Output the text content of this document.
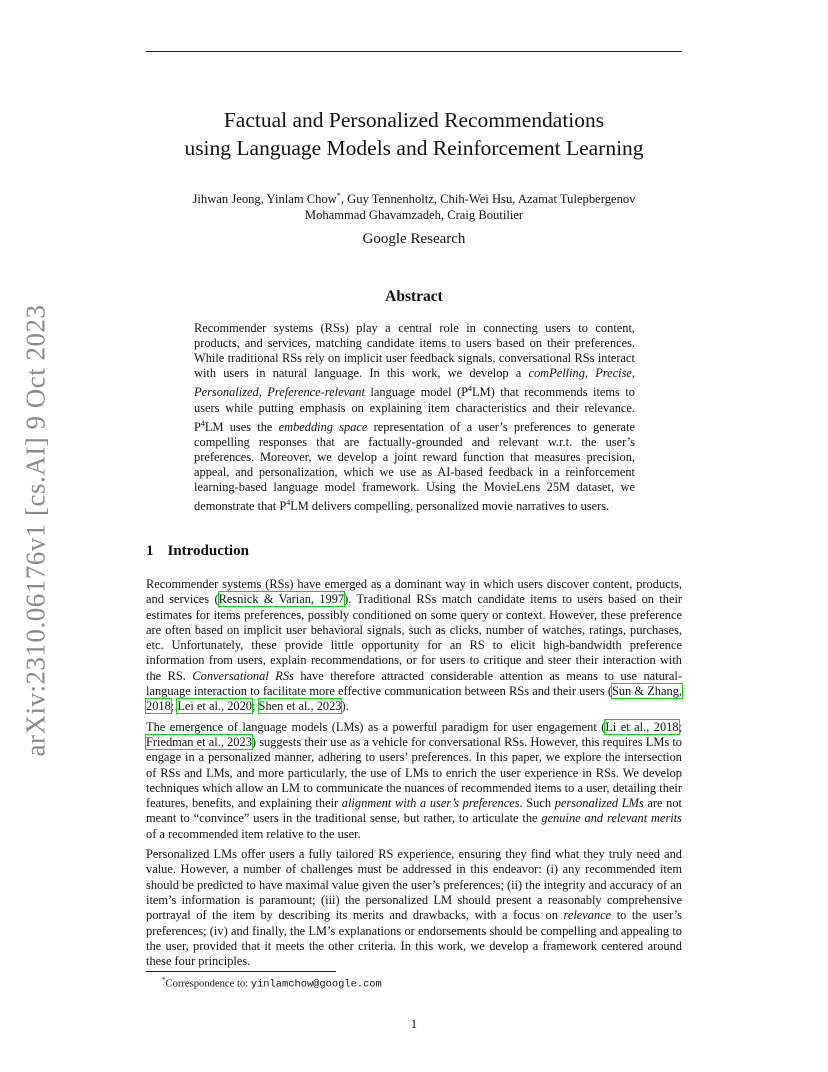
arXiv:2310.06176v1 [cs.AI] 9 Oct 2023
Factual and Personalized Recommendations
using Language Models and Reinforcement Learning
Jihwan Jeong, Yinlam Chow*, Guy Tennenholtz, Chih-Wei Hsu, Azamat Tulepbergenov
Mohammad Ghavamzadeh, Craig Boutilier
Google Research
Abstract

Recommender systems (RSs) play a central role in connecting users to content, products, and services, matching candidate items to users based on their preferences. While traditional RSs rely on implicit user feedback signals, conversational RSs interact with users in natural language. In this work, we develop a comPelling, Precise, Personalized, Preference-relevant language model $(P^4LM)$ that recommends items to users while putting emphasis on explaining item characteristics and their relevance. $P^4LM$ uses the embedding space representation of a user’s preferences to generate compelling responses that are factually-grounded and relevant w.r.t. the user’s preferences. Moreover, we develop a joint reward function that measures precision, appeal, and personalization, which we use as AI-based feedback in a reinforcement learning-based language model framework. Using the MovieLens 25M dataset, we demonstrate that $P^4LM$ delivers compelling, personalized movie narratives to users.

1 Introduction

Recommender systems (RSs) have emerged as a dominant way in which users discover content, products, and services (Resnick & Varian, 1997). Traditional RSs match candidate items to users based on their estimates for items preferences, possibly conditioned on some query or context. However, these preference are often based on implicit user behavioral signals, such as clicks, number of watches, ratings, purchases, etc. Unfortunately, these provide little opportunity for an RS to elicit high-bandwidth preference information from users, explain recommendations, or for users to critique and steer their interaction with the RS. Conversational RSs have therefore attracted considerable attention as means to use natural-language interaction to facilitate more effective communication between RSs and their users (Sun & Zhang, 2018; Lei et al., 2020; Shen et al., 2023).

The emergence of language models (LMs) as a powerful paradigm for user engagement (Li et al., 2018; Friedman et al., 2023) suggests their use as a vehicle for conversational RSs. However, this requires LMs to engage in a personalized manner, adhering to users’ preferences. In this paper, we explore the intersection of RSs and LMs, and more particularly, the use of LMs to enrich the user experience in RSs. We develop techniques which allow an LM to communicate the nuances of recommended items to a user, detailing their features, benefits, and explaining their alignment with a user’s preferences. Such personalized LMs are not meant to “convince” users in the traditional sense, but rather, to articulate the genuine and relevant merits of a recommended item relative to the user.

Personalized LMs offer users a fully tailored RS experience, ensuring they find what they truly need and value. However, a number of challenges must be addressed in this endeavor: (i) any recommended item should be predicted to have maximal value given the user’s preferences; (ii) the integrity and accuracy of an item’s information is paramount; (iii) the personalized LM should present a reasonably comprehensive portrayal of the item by describing its merits and drawbacks, with a focus on relevance to the user’s preferences; (iv) and finally, the LM’s explanations or endorsements should be compelling and appealing to the user, provided that it meets the other criteria. In this work, we develop a framework centered around these four principles.

*Correspondence to: yinlamchow@google.com
1
